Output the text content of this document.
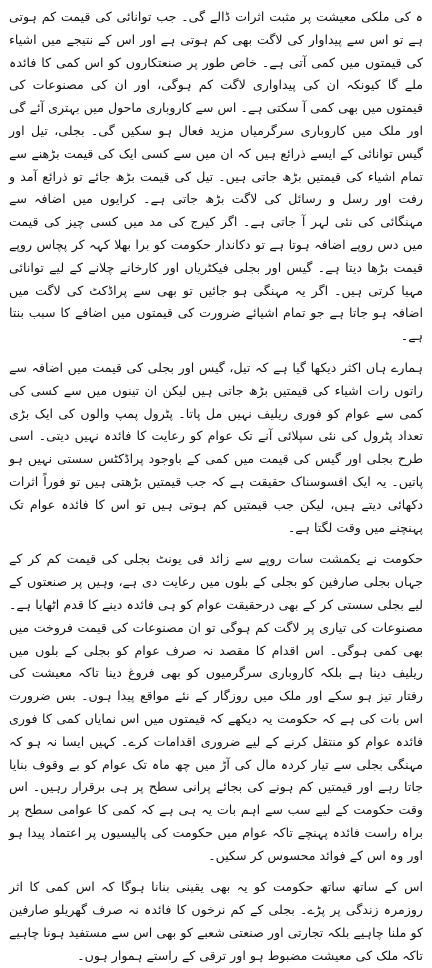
ہ کی ملکی معیشت پر مثبت اثرات ڈالے گی۔ جب توانائی کی قیمت کم ہوتی ہے تو اس سے پیداوار کی لاگت بھی کم ہوتی ہے اور اس کے نتیجے میں اشیاء کی قیمتوں میں کمی آتی ہے۔ خاص طور پر صنعتکاروں کو اس کمی کا فائدہ ملے گا کیونکہ ان کی پیداواری لاگت کم ہوگی، اور ان کی مصنوعات کی قیمتوں میں بھی کمی آ سکتی ہے۔ اس سے کاروباری ماحول میں بہتری آئے گی اور ملک میں کاروباری سرگرمیاں مزید فعال ہو سکیں گی۔ بجلی، تیل اور گیس توانائی کے ایسے ذرائع ہیں کہ ان میں سے کسی ایک کی قیمت بڑھنے سے تمام اشیاء کی قیمتیں بڑھ جاتی ہیں۔ تیل کی قیمت بڑھ جائے تو ذرائع آمد و رفت اور رسل و رسائل کی لاگت بڑھ جاتی ہے۔ کرایوں میں اضافہ سے مہنگائی کی نئی لہر آ جاتی ہے۔ اگر کیرج کی مد میں کسی چیز کی قیمت میں دس روپے اضافہ ہوتا ہے تو دکاندار حکومت کو برا بھلا کہہ کر پچاس روپے قیمت بڑھا دیتا ہے۔ گیس اور بجلی فیکٹریاں اور کارخانے چلانے کے لیے توانائی مہیا کرتی ہیں۔ اگر یہ مہنگی ہو جائیں تو بھی سے پراڈکٹ کی لاگت میں اضافہ ہو جاتا ہے جو تمام اشیائے ضرورت کی قیمتوں میں اضافے کا سبب بنتا ہے۔

ہمارے ہاں اکثر دیکھا گیا ہے کہ تیل، گیس اور بجلی کی قیمت میں اضافہ سے راتوں رات اشیاء کی قیمتیں بڑھ جاتی ہیں لیکن ان تینوں میں سے کسی کی کمی سے عوام کو فوری ریلیف نہیں مل پاتا۔ پٹرول پمپ والوں کی ایک بڑی تعداد پٹرول کی نئی سپلائی آنے تک عوام کو رعایت کا فائدہ نہیں دیتی۔ اسی طرح بجلی اور گیس کی قیمت میں کمی کے باوجود پراڈکٹس سستی نہیں ہو پاتیں۔ یہ ایک افسوسناک حقیقت ہے کہ جب قیمتیں بڑھتی ہیں تو فوراً اثرات دکھائی دیتے ہیں، لیکن جب قیمتیں کم ہوتی ہیں تو اس کا فائدہ عوام تک پہنچنے میں وقت لگتا ہے۔

حکومت نے یکمشت سات روپے سے زائد فی یونٹ بجلی کی قیمت کم کر کے جہاں بجلی صارفین کو بجلی کے بلوں میں رعایت دی ہے، وہیں پر صنعتوں کے لیے بجلی سستی کر کے بھی درحقیقت عوام کو ہی فائدہ دینے کا قدم اٹھایا ہے۔ مصنوعات کی تیاری پر لاگت کم ہوگی تو ان مصنوعات کی قیمت فروخت میں بھی کمی ہوگی۔ اس اقدام کا مقصد نہ صرف عوام کو بجلی کے بلوں میں ریلیف دینا ہے بلکہ کاروباری سرگرمیوں کو بھی فروغ دینا تاکہ معیشت کی رفتار تیز ہو سکے اور ملک میں روزگار کے نئے مواقع پیدا ہوں۔ بس ضرورت اس بات کی ہے کہ حکومت یہ دیکھے کہ قیمتوں میں اس نمایاں کمی کا فوری فائدہ عوام کو منتقل کرنے کے لیے ضروری اقدامات کرے۔ کہیں ایسا نہ ہو کہ مہنگی بجلی سے تیار کردہ مال کی آڑ میں چھ ماہ تک عوام کو بے وقوف بنایا جاتا رہے اور قیمتیں کم ہونے کی بجائے پرانی سطح پر ہی برقرار رہیں۔ اس وقت حکومت کے لیے سب سے اہم بات یہ ہی ہے کہ کمی کا عوامی سطح پر براہ راست فائدہ پہنچے تاکہ عوام میں حکومت کی پالیسیوں پر اعتماد پیدا ہو اور وہ اس کے فوائد محسوس کر سکیں۔

اس کے ساتھ ساتھ حکومت کو یہ بھی یقینی بنانا ہوگا کہ اس کمی کا اثر روزمرہ زندگی پر پڑے۔ بجلی کے کم نرخوں کا فائدہ نہ صرف گھریلو صارفین کو ملنا چاہیے بلکہ تجارتی اور صنعتی شعبے کو بھی اس سے مستفید ہونا چاہیے تاکہ ملک کی معیشت مضبوط ہو اور ترقی کے راستے ہموار ہوں۔
